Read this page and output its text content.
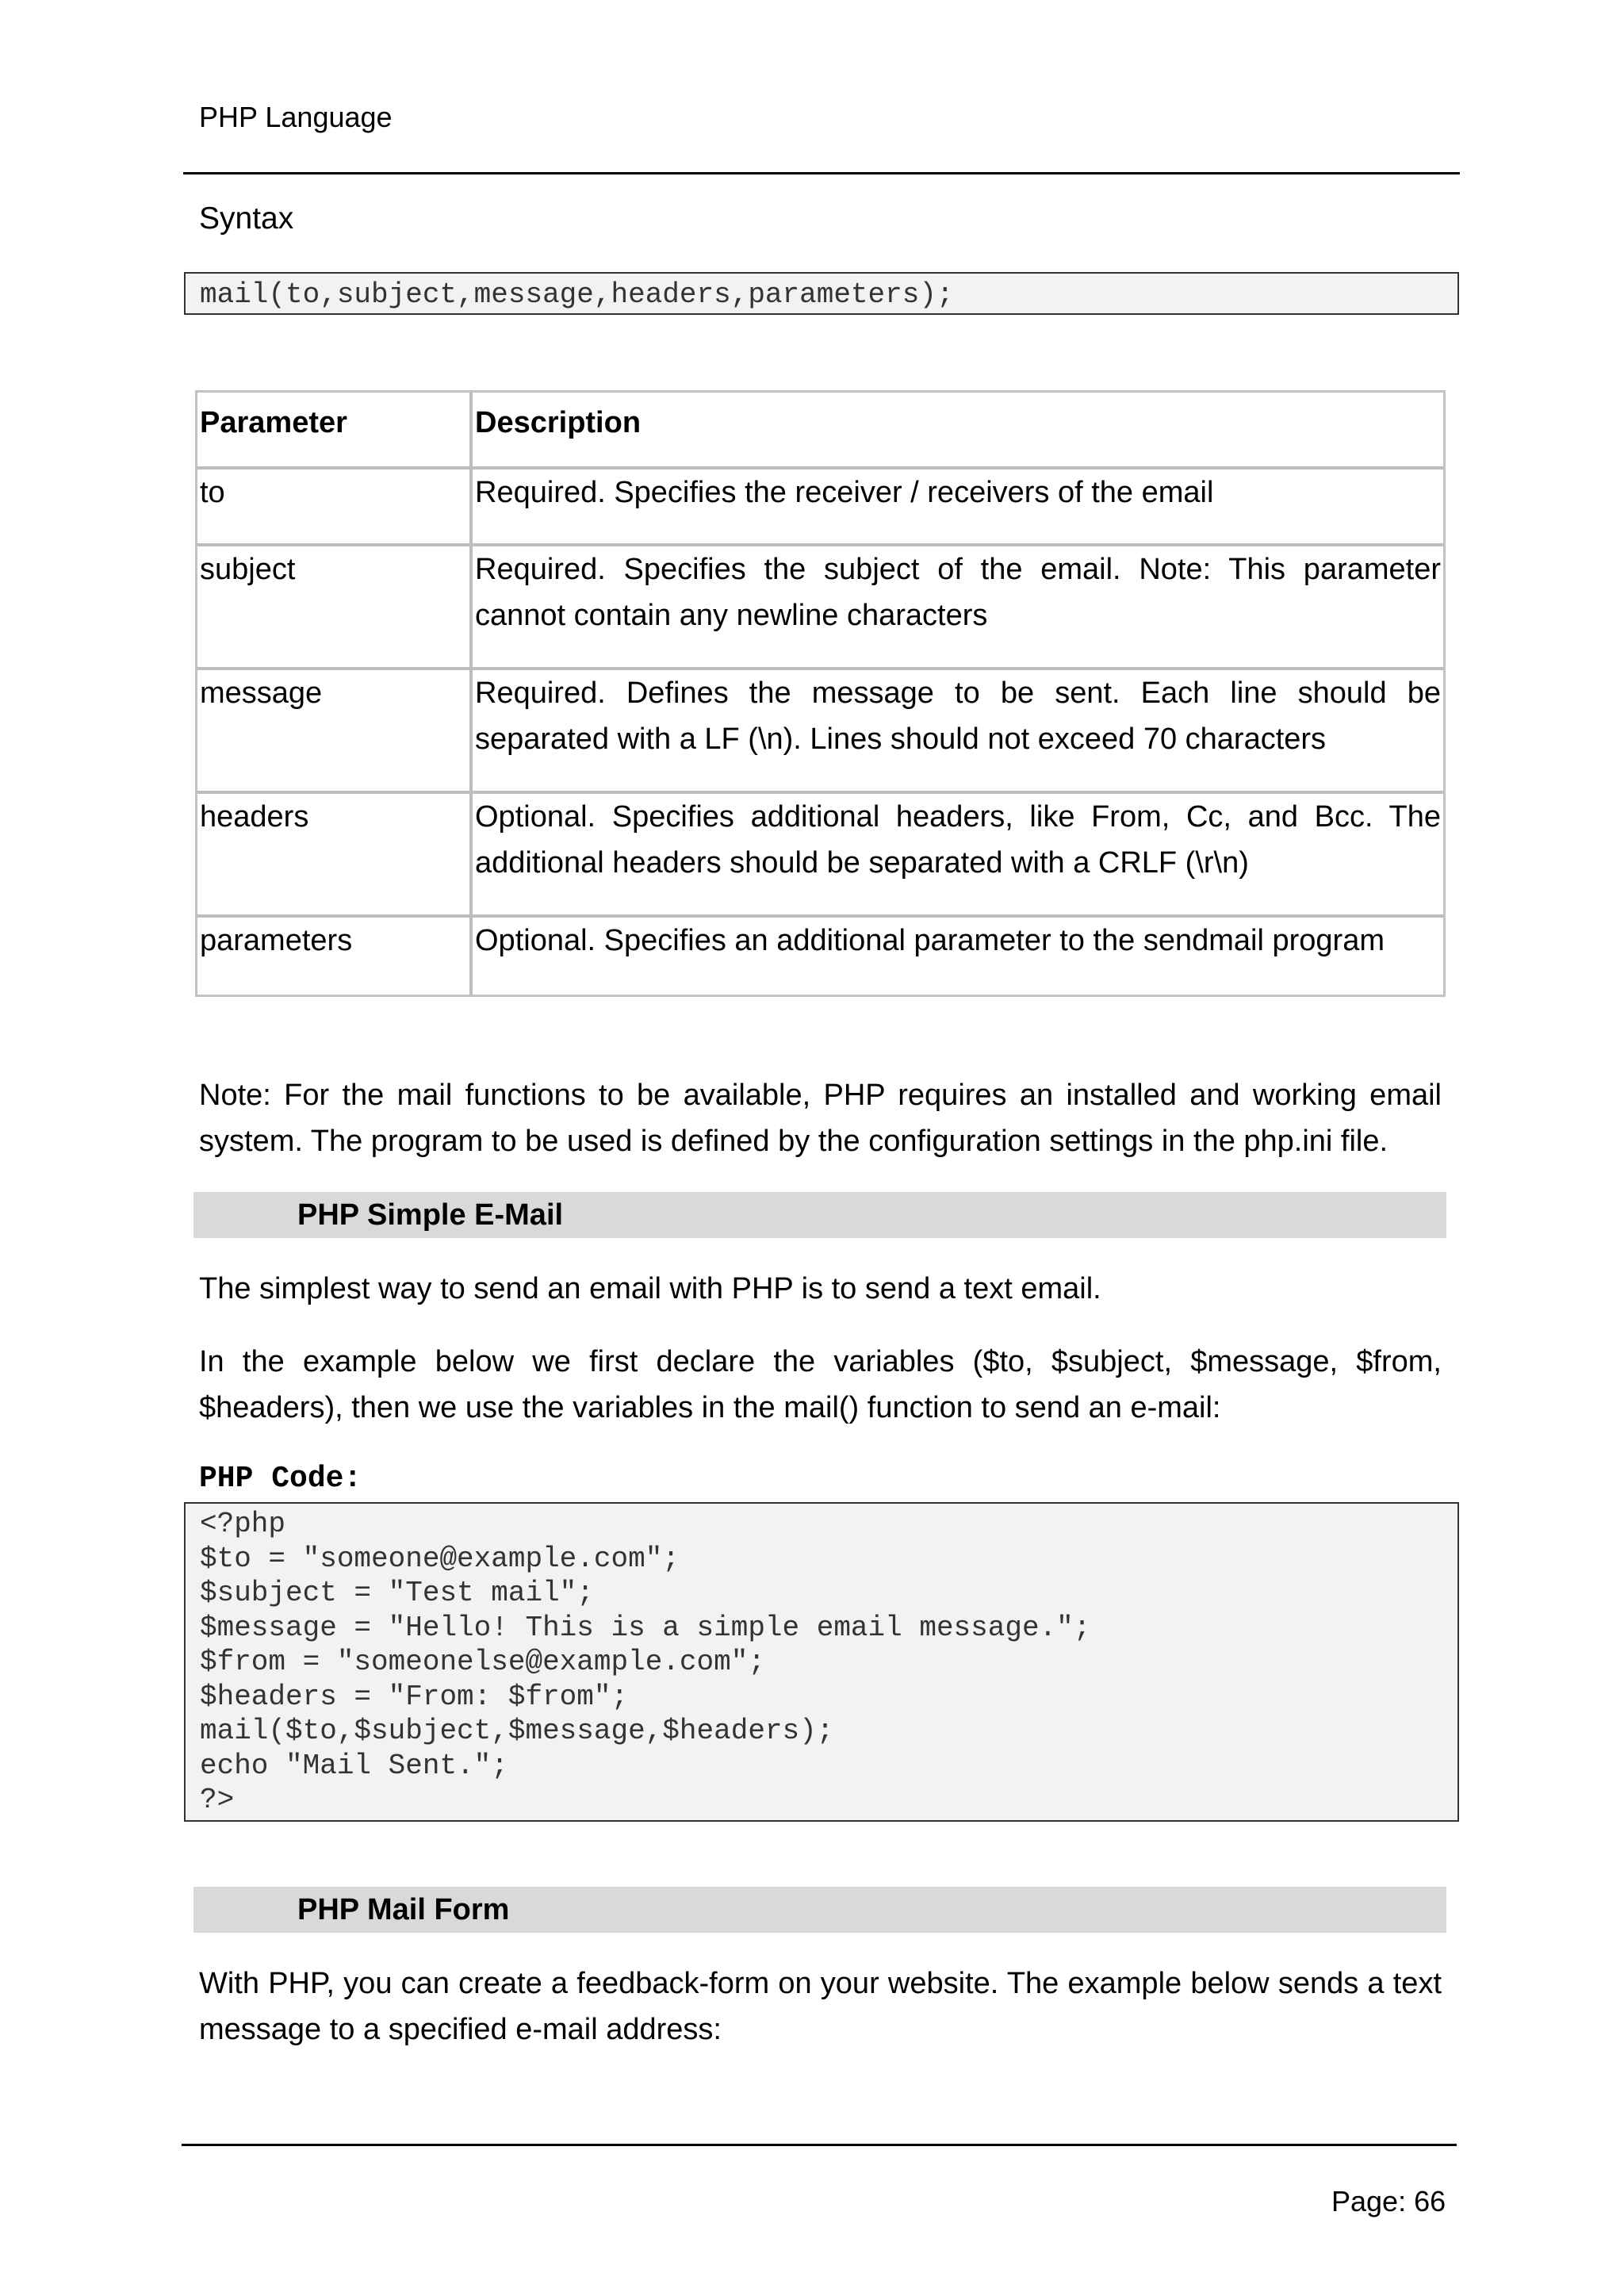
PHP Language
Syntax
mail(to,subject,message,headers,parameters);
Parameter	Description
to	Required. Specifies the receiver / receivers of the email
subject	Required. Specifies the subject of the email. Note: This parameter cannot contain any newline characters
message	Required. Defines the message to be sent. Each line should be separated with a LF (\n). Lines should not exceed 70 characters
headers	Optional. Specifies additional headers, like From, Cc, and Bcc. The additional headers should be separated with a CRLF (\r\n)
parameters	Optional. Specifies an additional parameter to the sendmail program
Note: For the mail functions to be available, PHP requires an installed and working email system. The program to be used is defined by the configuration settings in the php.ini file.
PHP Simple E-Mail
The simplest way to send an email with PHP is to send a text email.
In the example below we first declare the variables ($to, $subject, $message, $from, $headers), then we use the variables in the mail() function to send an e-mail:
PHP Code:
<?php
$to = "someone@example.com";
$subject = "Test mail";
$message = "Hello! This is a simple email message.";
$from = "someonelse@example.com";
$headers = "From: $from";
mail($to,$subject,$message,$headers);
echo "Mail Sent.";
?>
PHP Mail Form
With PHP, you can create a feedback-form on your website. The example below sends a text message to a specified e-mail address:
Page: 66
